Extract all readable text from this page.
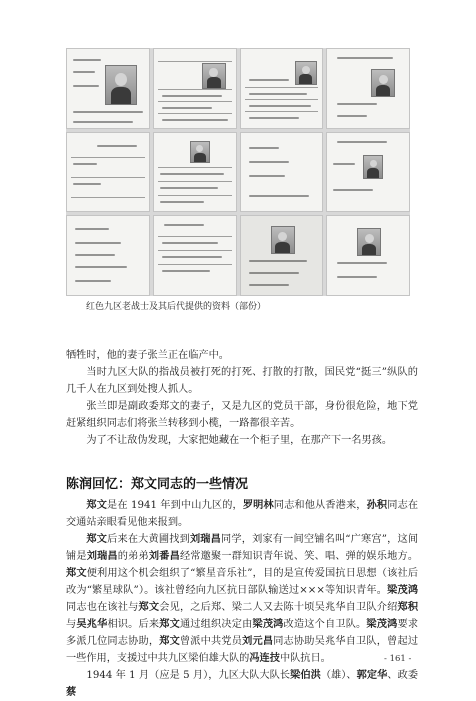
红色九区老战士及其后代提供的资料（部份）

牺牲时，他的妻子张兰正在临产中。

当时九区大队的指战员被打死的打死、打散的打散，国民党“挺三”纵队的几千人在九区到处搜人抓人。

张兰即是副政委郑文的妻子，又是九区的党员干部，身份很危险，地下党赶紧组织同志们将张兰转移到小榄，一路都很辛苦。

为了不让敌伪发现，大家把她藏在一个柜子里，在那产下一名男孩。

陈润回忆：郑文同志的一些情况

郑文是在 1941 年到中山九区的，罗明林同志和他从香港来，孙积同志在交通站亲眼看见他来报到。

郑文后来在大黄圃找到刘瑞昌同学，刘家有一间空铺名叫“广寒宫”，这间铺是刘瑞昌的弟弟刘番昌经常邀聚一群知识青年说、笑、唱、弹的娱乐地方。郑文便利用这个机会组织了“繁星音乐社”，目的是宣传爱国抗日思想（该社后改为“繁星球队”）。该社曾经向九区抗日部队输送过×××等知识青年。梁茂鸿同志也在该社与郑文会见，之后郑、梁二人又去陈十顷吴兆华自卫队介绍郑积与吴兆华相识。后来郑文通过组织决定由梁茂鸿改造这个自卫队。梁茂鸿要求多派几位同志协助，郑文曾派中共党员刘元昌同志协助吴兆华自卫队，曾起过一些作用，支援过中共九区梁伯雄大队的冯连技中队抗日。

1944 年 1 月（应是 5 月），九区大队大队长梁伯洪（雄）、郭定华、政委蔡

- 161 -
